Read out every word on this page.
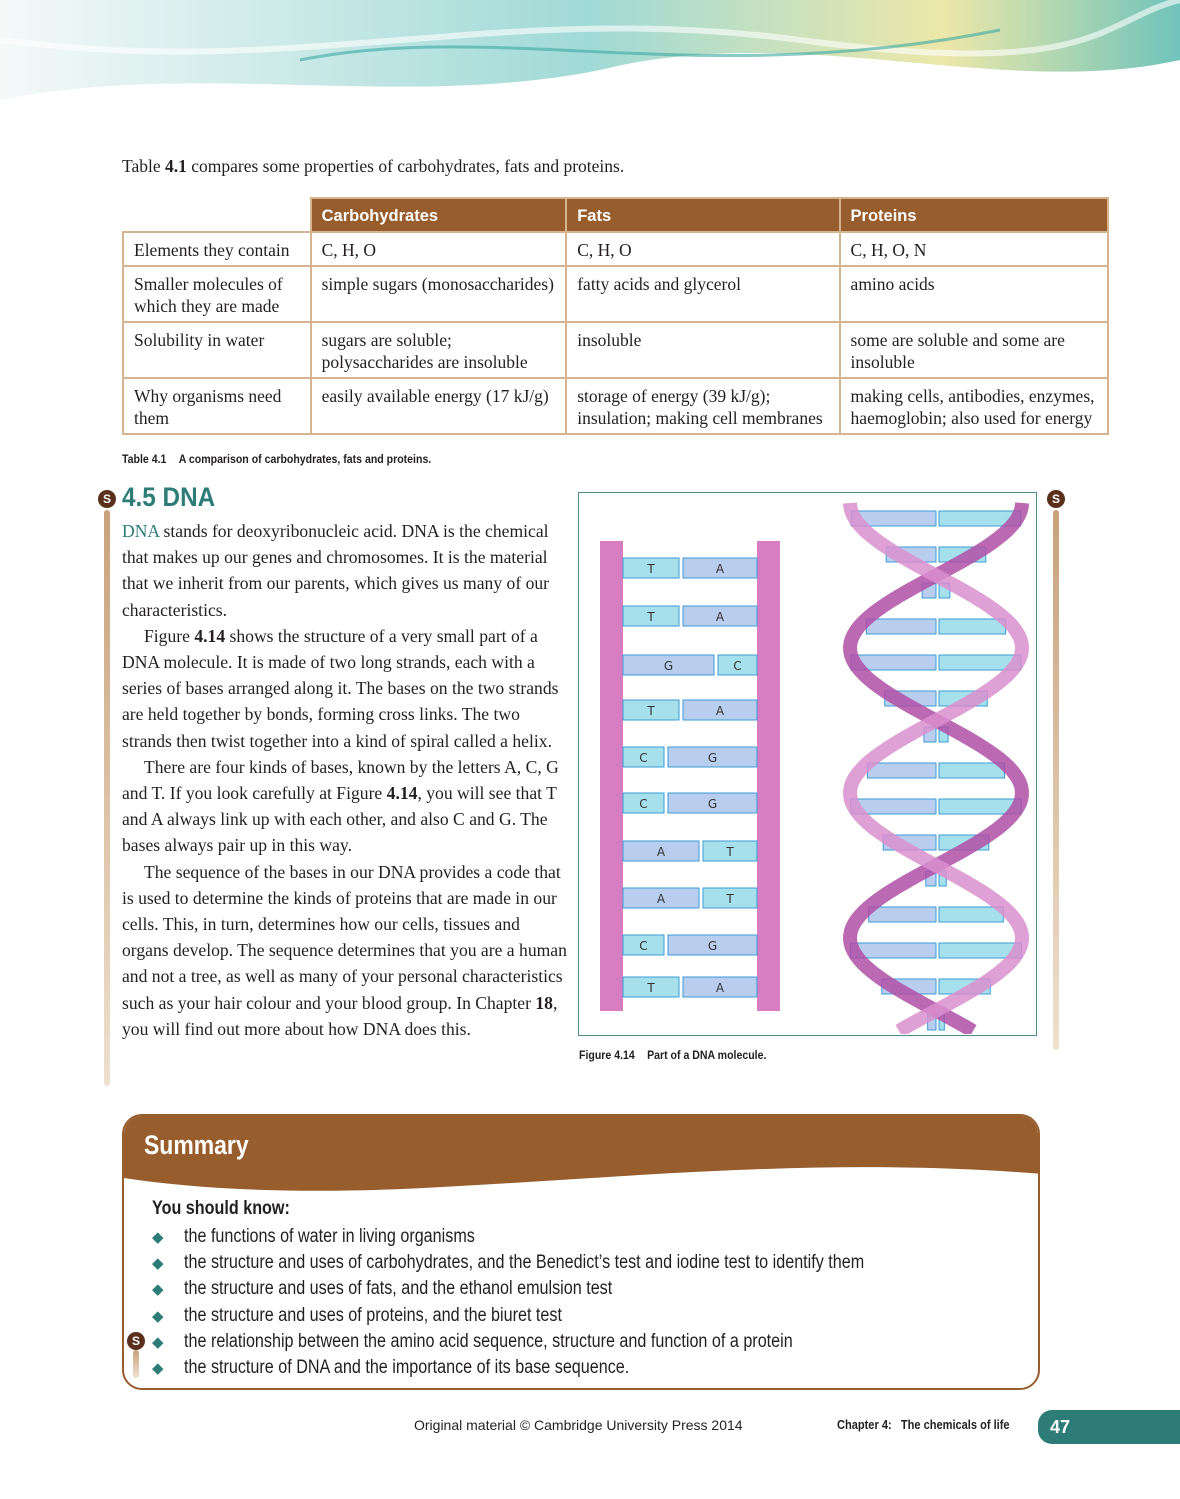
Table 4.1 compares some properties of carbohydrates, fats and proteins.
	Carbohydrates	Fats	Proteins
Elements they contain	C, H, O	C, H, O	C, H, O, N
Smaller molecules of which they are made	simple sugars (monosaccharides)	fatty acids and glycerol	amino acids
Solubility in water	sugars are soluble; polysaccharides are insoluble	insoluble	some are soluble and some are insoluble
Why organisms need them	easily available energy (17 kJ/g)	storage of energy (39 kJ/g); insulation; making cell membranes	making cells, antibodies, enzymes, haemoglobin; also used for energy
Table 4.1 A comparison of carbohydrates, fats and proteins.
S	S
4.5 DNA

DNA stands for deoxyribonucleic acid. DNA is the chemical that makes up our genes and chromosomes. It is the material that we inherit from our parents, which gives us many of our characteristics.

Figure 4.14 shows the structure of a very small part of a DNA molecule. It is made of two long strands, each with a series of bases arranged along it. The bases on the two strands are held together by bonds, forming cross links. The two strands then twist together into a kind of spiral called a helix.

There are four kinds of bases, known by the letters A, C, G and T. If you look carefully at Figure 4.14, you will see that T and A always link up with each other, and also C and G. The bases always pair up in this way.

The sequence of the bases in our DNA provides a code that is used to determine the kinds of proteins that are made in our cells. This, in turn, determines how our cells, tissues and organs develop. The sequence determines that you are a human and not a tree, as well as many of your personal characteristics such as your hair colour and your blood group. In Chapter 18, you will find out more about how DNA does this.

T	A
T	A
G	C
T	A
C	G
C	G
A	T
A	T
C	G
T	A
Figure 4.14 Part of a DNA molecule.
Summary
You should know:
◆ the functions of water in living organisms
◆ the structure and uses of carbohydrates, and the Benedict’s test and iodine test to identify them
◆ the structure and uses of fats, and the ethanol emulsion test
◆ the structure and uses of proteins, and the biuret test
◆ the relationship between the amino acid sequence, structure and function of a protein
◆ the structure of DNA and the importance of its base sequence.
S
Original material © Cambridge University Press 2014	Chapter 4: The chemicals of life	47
